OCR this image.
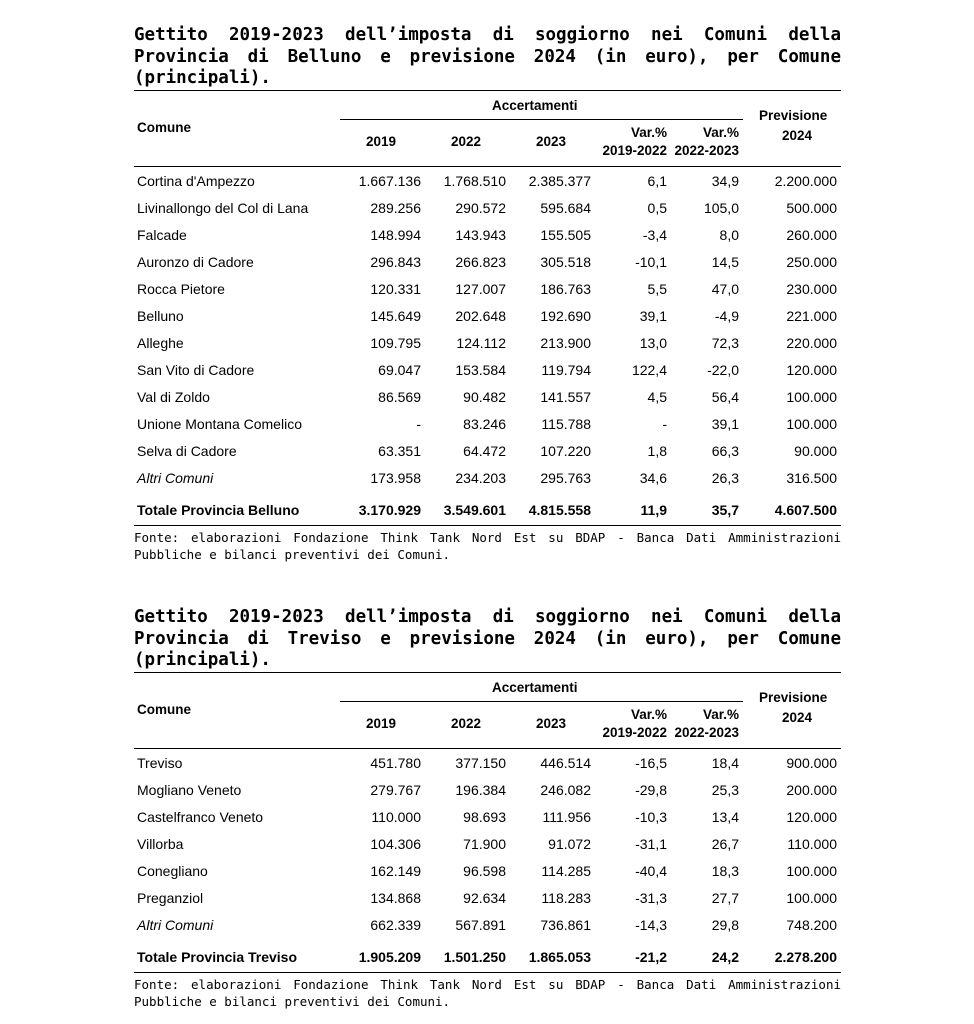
Gettito 2019-2023 dell’imposta di soggiorno nei Comuni della Provincia di Belluno e previsione 2024 (in euro), per Comune (principali).

Comune
Accertamenti
2019	2022	2023
Var.%
2019-2022
Var.%
2022-2023
Previsione
2024
Cortina d'Ampezzo	1.667.136 1.768.510 2.385.377	6,1	34,9	2.200.000
Livinallongo del Col di Lana	289.256 290.572 595.684	0,5	105,0	500.000
Falcade	148.994 143.943 155.505	-3,4	8,0	260.000
Auronzo di Cadore	296.843 266.823 305.518	-10,1	14,5	250.000
Rocca Pietore	120.331 127.007 186.763	5,5	47,0	230.000
Belluno	145.649 202.648 192.690	39,1	-4,9	221.000
Alleghe	109.795	124.112 213.900	13,0	72,3	220.000
San Vito di Cadore	69.047 153.584	119.794	122,4	-22,0	120.000
Val di Zoldo	86.569	90.482 141.557	4,5	56,4	100.000
Unione Montana Comelico	-	83.246	115.788	-	39,1	100.000
Selva di Cadore	63.351	64.472 107.220	1,8	66,3	90.000
Altri Comuni	173.958 234.203 295.763	34,6	26,3	316.500
Totale Provincia Belluno	3.170.929 3.549.601 4.815.558	11,9	35,7	4.607.500
Fonte: elaborazioni Fondazione Think Tank Nord Est su BDAP - Banca Dati Amministrazioni Pubbliche e bilanci preventivi dei Comuni.

Gettito 2019-2023 dell’imposta di soggiorno nei Comuni della Provincia di Treviso e previsione 2024 (in euro), per Comune (principali).

Comune
Accertamenti
2019	2022	2023
Var.%
2019-2022
Var.%
2022-2023
Previsione
2024
Treviso	451.780 377.150 446.514	-16,5	18,4	900.000
Mogliano Veneto	279.767 196.384 246.082	-29,8	25,3	200.000
Castelfranco Veneto	110.000	98.693	111.956	-10,3	13,4	120.000
Villorba	104.306	71.900	91.072	-31,1	26,7	110.000
Conegliano	162.149	96.598	114.285	-40,4	18,3	100.000
Preganziol	134.868	92.634	118.283	-31,3	27,7	100.000
Altri Comuni	662.339 567.891 736.861	-14,3	29,8	748.200
Totale Provincia Treviso	1.905.209 1.501.250 1.865.053	-21,2	24,2	2.278.200
Fonte: elaborazioni Fondazione Think Tank Nord Est su BDAP - Banca Dati Amministrazioni Pubbliche e bilanci preventivi dei Comuni.
